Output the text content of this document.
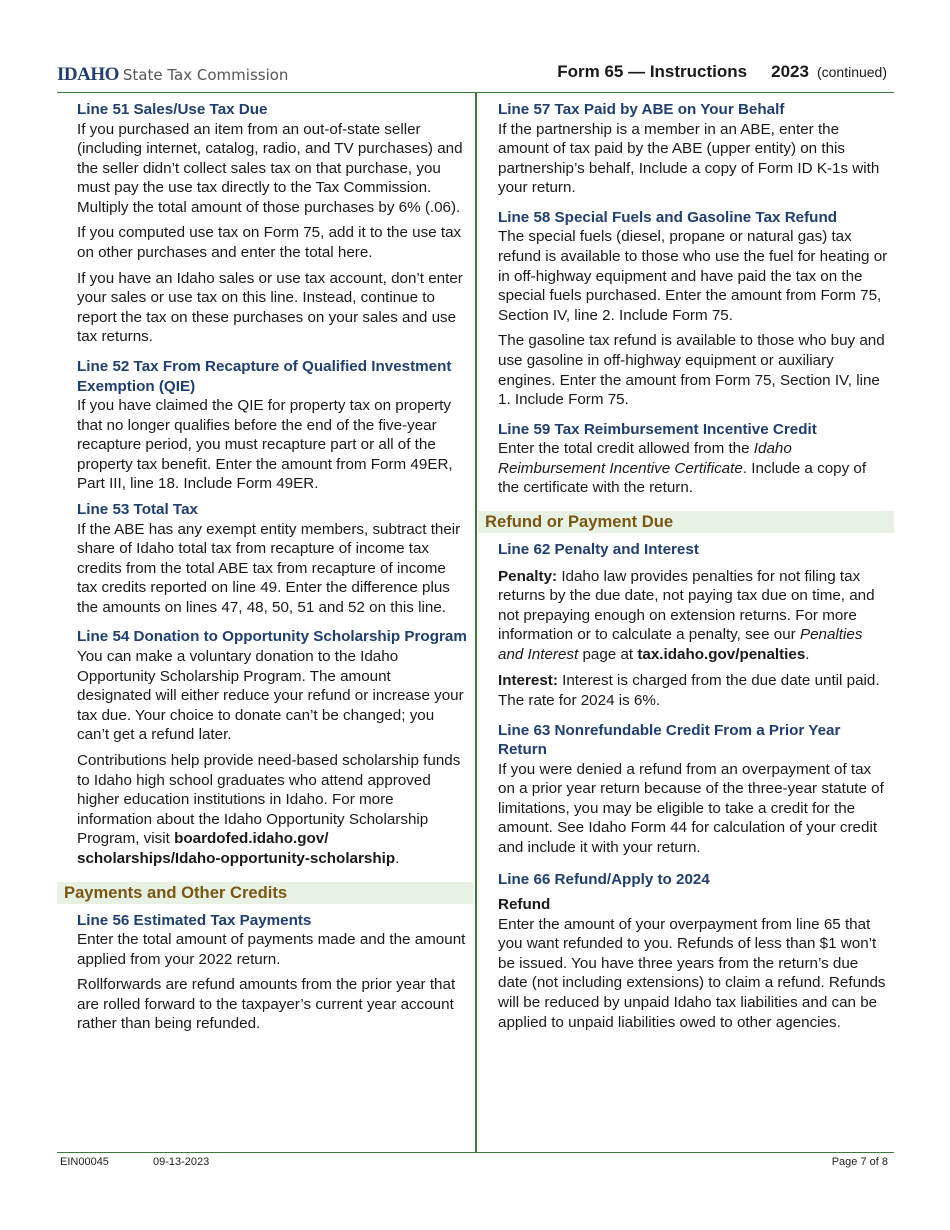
IDAHO State Tax Commission	Form 65 — Instructions 2023 (continued)
Line 51 Sales/Use Tax Due

If you purchased an item from an out-of-state seller (including internet, catalog, radio, and TV purchases) and the seller didn’t collect sales tax on that purchase, you must pay the use tax directly to the Tax Commission. Multiply the total amount of those purchases by 6% (.06).

If you computed use tax on Form 75, add it to the use tax on other purchases and enter the total here.

If you have an Idaho sales or use tax account, don’t enter your sales or use tax on this line. Instead, continue to report the tax on these purchases on your sales and use tax returns.

Line 52 Tax From Recapture of Qualified Investment Exemption (QIE)

If you have claimed the QIE for property tax on property that no longer qualifies before the end of the five-year recapture period, you must recapture part or all of the property tax benefit. Enter the amount from Form 49ER, Part III, line 18. Include Form 49ER.

Line 53 Total Tax

If the ABE has any exempt entity members, subtract their share of Idaho total tax from recapture of income tax credits from the total ABE tax from recapture of income tax credits reported on line 49. Enter the difference plus the amounts on lines 47, 48, 50, 51 and 52 on this line.

Line 54 Donation to Opportunity Scholarship Program

You can make a voluntary donation to the Idaho Opportunity Scholarship Program. The amount designated will either reduce your refund or increase your tax due. Your choice to donate can’t be changed; you can’t get a refund later.

Contributions help provide need-based scholarship funds to Idaho high school graduates who attend approved higher education institutions in Idaho. For more information about the Idaho Opportunity Scholarship Program, visit boardofed.idaho.gov/ scholarships/Idaho-opportunity-scholarship.

Payments and Other Credits
Line 56 Estimated Tax Payments

Enter the total amount of payments made and the amount applied from your 2022 return.

Rollforwards are refund amounts from the prior year that are rolled forward to the taxpayer’s current year account rather than being refunded.

Line 57 Tax Paid by ABE on Your Behalf

If the partnership is a member in an ABE, enter the amount of tax paid by the ABE (upper entity) on this partnership’s behalf, Include a copy of Form ID K-1s with your return.

Line 58 Special Fuels and Gasoline Tax Refund

The special fuels (diesel, propane or natural gas) tax refund is available to those who use the fuel for heating or in off-highway equipment and have paid the tax on the special fuels purchased. Enter the amount from Form 75, Section IV, line 2. Include Form 75.

The gasoline tax refund is available to those who buy and use gasoline in off-highway equipment or auxiliary engines. Enter the amount from Form 75, Section IV, line 1. Include Form 75.

Line 59 Tax Reimbursement Incentive Credit

Enter the total credit allowed from the Idaho Reimbursement Incentive Certificate. Include a copy of the certificate with the return.

Refund or Payment Due
Line 62 Penalty and Interest

Penalty: Idaho law provides penalties for not filing tax returns by the due date, not paying tax due on time, and not prepaying enough on extension returns. For more information or to calculate a penalty, see our Penalties and Interest page at tax.idaho.gov/penalties.

Interest: Interest is charged from the due date until paid. The rate for 2024 is 6%.

Line 63 Nonrefundable Credit From a Prior Year Return

If you were denied a refund from an overpayment of tax on a prior year return because of the three-year statute of limitations, you may be eligible to take a credit for the amount. See Idaho Form 44 for calculation of your credit and include it with your return.

Line 66 Refund/Apply to 2024
Refund

Enter the amount of your overpayment from line 65 that you want refunded to you. Refunds of less than $1 won’t be issued. You have three years from the return’s due date (not including extensions) to claim a refund. Refunds will be reduced by unpaid Idaho tax liabilities and can be applied to unpaid liabilities owed to other agencies.

EIN00045	09-13-2023	Page 7 of 8
